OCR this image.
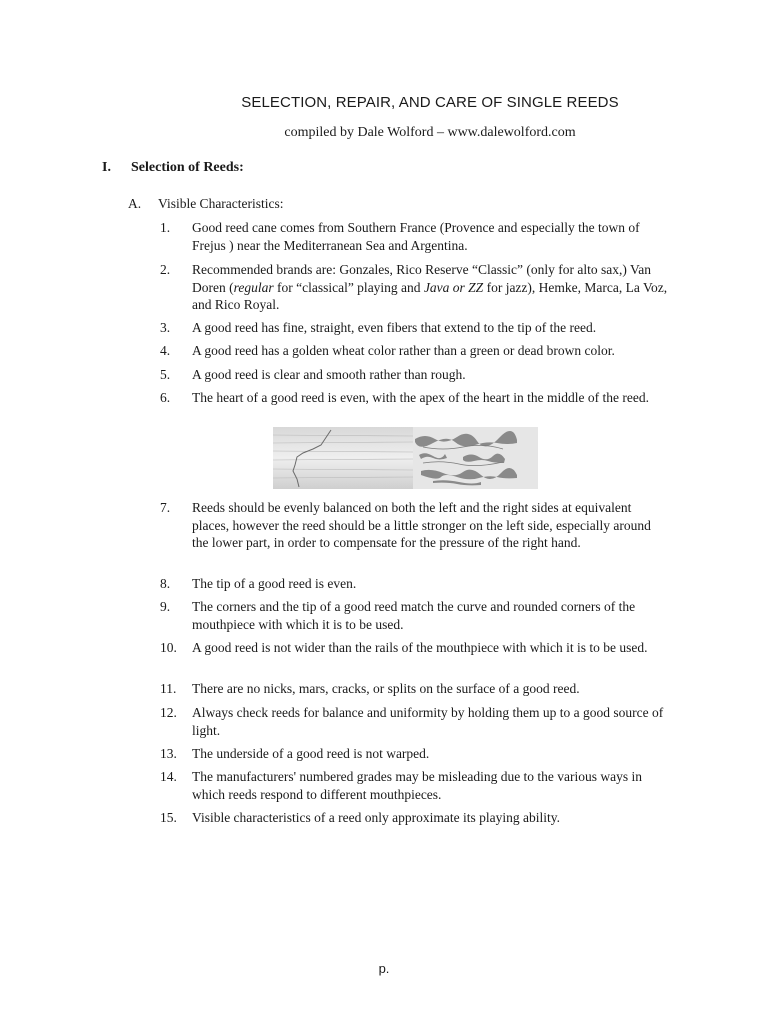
SELECTION, REPAIR, AND CARE OF SINGLE REEDS

compiled by Dale Wolford – www.dalewolford.com

I. Selection of Reeds:
A. Visible Characteristics:
1.	Good reed cane comes from Southern France (Provence and especially the town of Frejus ) near the Mediterranean Sea and Argentina.
2.	Recommended brands are: Gonzales, Rico Reserve “Classic” (only for alto sax,) Van Doren (regular for “classical” playing and Java or ZZ for jazz), Hemke, Marca, La Voz, and Rico Royal.
3.	A good reed has fine, straight, even fibers that extend to the tip of the reed.
4.	A good reed has a golden wheat color rather than a green or dead brown color.
5.	A good reed is clear and smooth rather than rough.
6.	The heart of a good reed is even, with the apex of the heart in the middle of the reed.
7.	Reeds should be evenly balanced on both the left and the right sides at equivalent places, however the reed should be a little stronger on the left side, especially around the lower part, in order to compensate for the pressure of the right hand.
8.	The tip of a good reed is even.
9.	The corners and the tip of a good reed match the curve and rounded corners of the mouthpiece with which it is to be used.
10.	A good reed is not wider than the rails of the mouthpiece with which it is to be used.
11.	There are no nicks, mars, cracks, or splits on the surface of a good reed.
12.	Always check reeds for balance and uniformity by holding them up to a good source of light.
13.	The underside of a good reed is not warped.
14.	The manufacturers' numbered grades may be misleading due to the various ways in which reeds respond to different mouthpieces.
15.	Visible characteristics of a reed only approximate its playing ability.
p.
